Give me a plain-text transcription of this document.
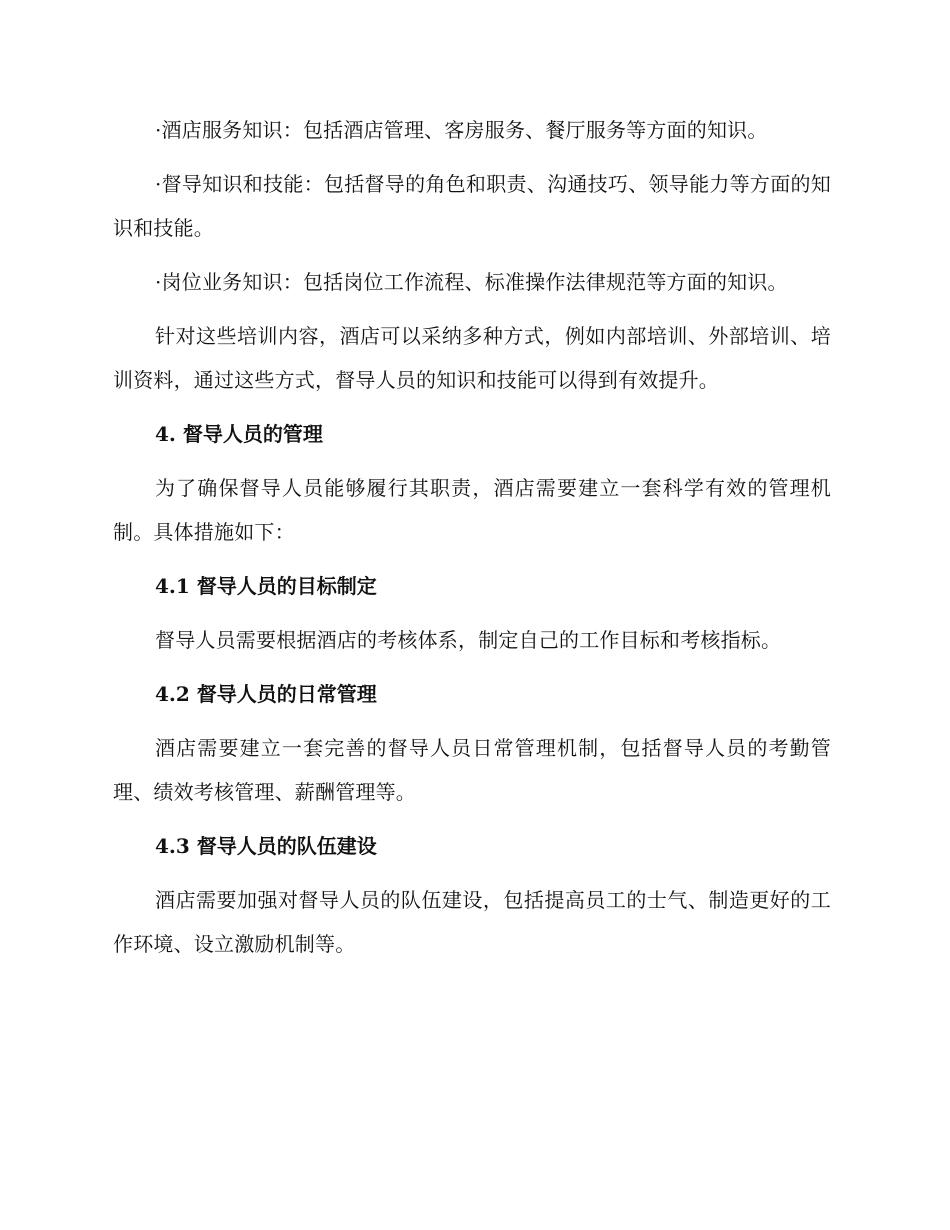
·酒店服务知识：包括酒店管理、客房服务、餐厅服务等方面的知识。

·督导知识和技能：包括督导的角色和职责、沟通技巧、领导能力等方面的知识和技能。

·岗位业务知识：包括岗位工作流程、标准操作法律规范等方面的知识。

针对这些培训内容，酒店可以采纳多种方式，例如内部培训、外部培训、培训资料，通过这些方式，督导人员的知识和技能可以得到有效提升。

4. 督导人员的管理

为了确保督导人员能够履行其职责，酒店需要建立一套科学有效的管理机制。具体措施如下：

4.1 督导人员的目标制定

督导人员需要根据酒店的考核体系，制定自己的工作目标和考核指标。

4.2 督导人员的日常管理

酒店需要建立一套完善的督导人员日常管理机制，包括督导人员的考勤管理、绩效考核管理、薪酬管理等。

4.3 督导人员的队伍建设

酒店需要加强对督导人员的队伍建设，包括提高员工的士气、制造更好的工作环境、设立激励机制等。
